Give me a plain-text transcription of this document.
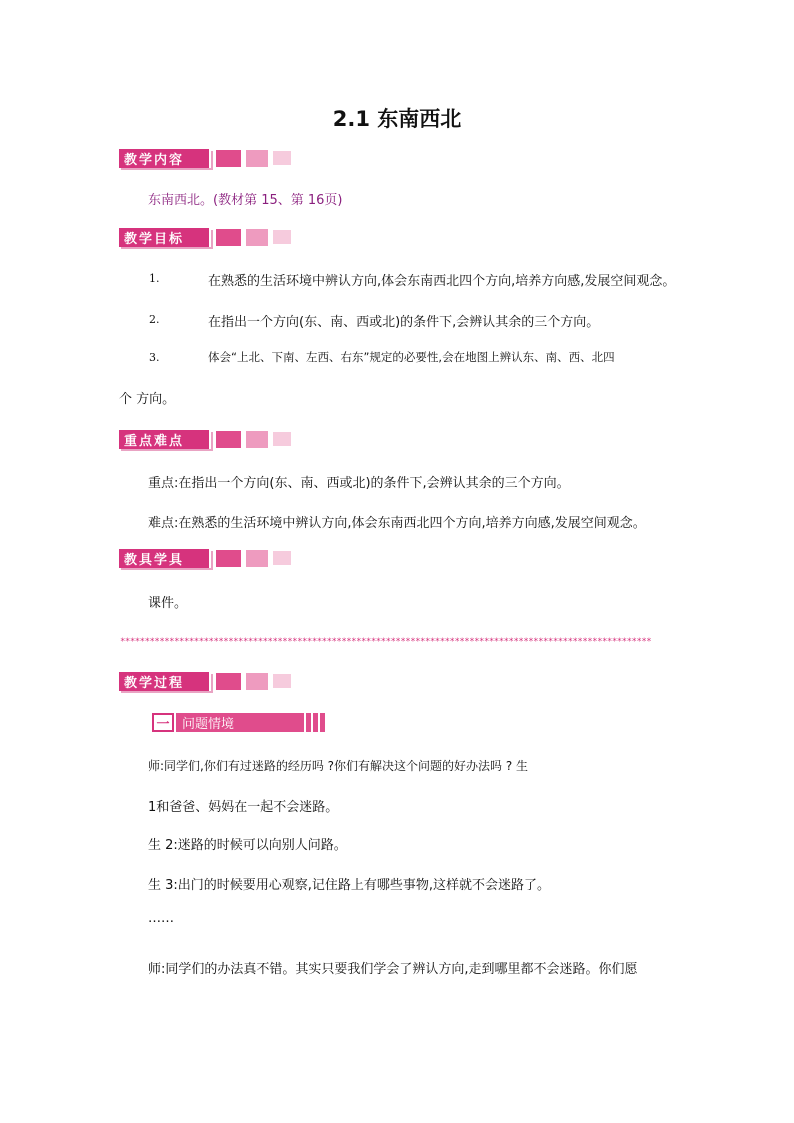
2.1 东南西北
教学内容
东南西北。(教材第 15、第 16页)
教学目标
1.	在熟悉的生活环境中辨认方向,体会东南西北四个方向,培养方向感,发展空间观念。
2.	在指出一个方向(东、南、西或北)的条件下,会辨认其余的三个方向。
3.	体会“上北、下南、左西、右东”规定的必要性,会在地图上辨认东、南、西、北四
个 方向。
重点难点
重点:在指出一个方向(东、南、西或北)的条件下,会辨认其余的三个方向。
难点:在熟悉的生活环境中辨认方向,体会东南西北四个方向,培养方向感,发展空间观念。
教具学具
课件。
************************************************************************************************************
教学过程
一 问题情境
师:同学们,你们有过迷路的经历吗 ?你们有解决这个问题的好办法吗 ? 生
1和爸爸、妈妈在一起不会迷路。
生 2:迷路的时候可以向别人问路。
生 3:出门的时候要用心观察,记住路上有哪些事物,这样就不会迷路了。
……
师:同学们的办法真不错。其实只要我们学会了辨认方向,走到哪里都不会迷路。你们愿
